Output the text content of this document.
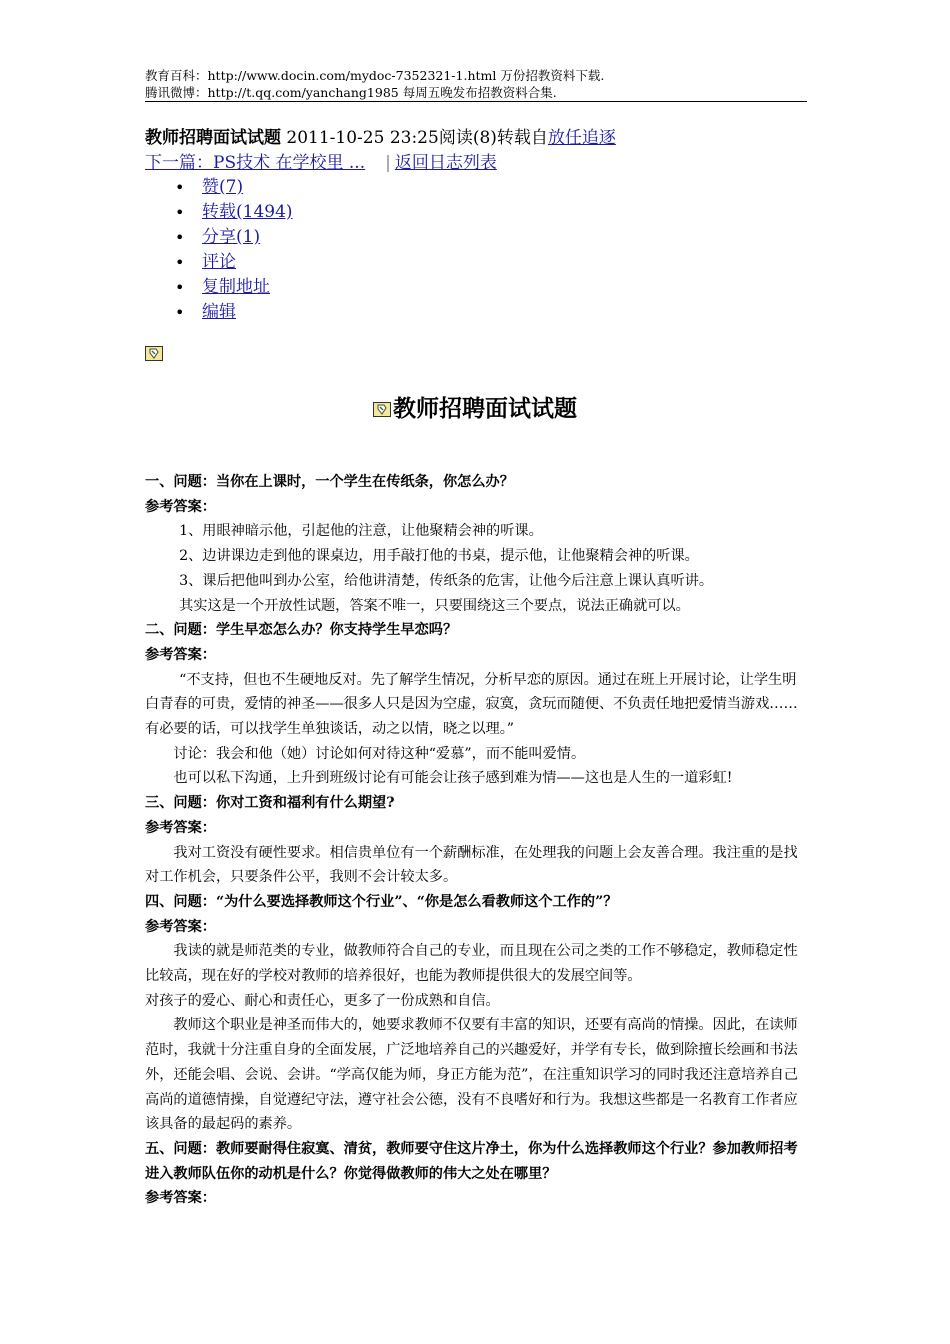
教育百科：http://www.docin.com/mydoc-7352321-1.html 万份招教资料下载.
腾讯微博：http://t.qq.com/yanchang1985 每周五晚发布招教资料合集.
教师招聘面试试题 2011-10-25 23:25阅读(8)转载自放任追逐
下一篇：PS技术 在学校里 ... | 返回日志列表
• 赞(7)
• 转载(1494)
• 分享(1)
• 评论
• 复制地址
• 编辑
教师招聘面试试题

一、问题：当你在上课时，一个学生在传纸条，你怎么办？

参考答案：

1、用眼神暗示他，引起他的注意，让他聚精会神的听课。

2、边讲课边走到他的课桌边，用手敲打他的书桌，提示他，让他聚精会神的听课。

3、课后把他叫到办公室，给他讲清楚，传纸条的危害，让他今后注意上课认真听讲。

其实这是一个开放性试题，答案不唯一，只要围绕这三个要点，说法正确就可以。

二、问题：学生早恋怎么办？你支持学生早恋吗？

参考答案：

“不支持，但也不生硬地反对。先了解学生情况，分析早恋的原因。通过在班上开展讨论，让学生明白青春的可贵，爱情的神圣——很多人只是因为空虚，寂寞，贪玩而随便、不负责任地把爱情当游戏……有必要的话，可以找学生单独谈话，动之以情，晓之以理。”

讨论：我会和他（她）讨论如何对待这种“爱慕”，而不能叫爱情。

也可以私下沟通，上升到班级讨论有可能会让孩子感到难为情——这也是人生的一道彩虹!

三、问题：你对工资和福利有什么期望?

参考答案：

我对工资没有硬性要求。相信贵单位有一个薪酬标准，在处理我的问题上会友善合理。我注重的是找对工作机会，只要条件公平，我则不会计较太多。

四、问题：“为什么要选择教师这个行业”、“你是怎么看教师这个工作的”？

参考答案：

我读的就是师范类的专业，做教师符合自己的专业，而且现在公司之类的工作不够稳定，教师稳定性比较高，现在好的学校对教师的培养很好，也能为教师提供很大的发展空间等。

对孩子的爱心、耐心和责任心，更多了一份成熟和自信。

教师这个职业是神圣而伟大的，她要求教师不仅要有丰富的知识，还要有高尚的情操。因此，在读师范时，我就十分注重自身的全面发展，广泛地培养自己的兴趣爱好，并学有专长，做到除擅长绘画和书法外，还能会唱、会说、会讲。“学高仅能为师，身正方能为范”，在注重知识学习的同时我还注意培养自己高尚的道德情操，自觉遵纪守法，遵守社会公德，没有不良嗜好和行为。我想这些都是一名教育工作者应该具备的最起码的素养。

五、问题：教师要耐得住寂寞、清贫，教师要守住这片净土，你为什么选择教师这个行业？参加教师招考进入教师队伍你的动机是什么？你觉得做教师的伟大之处在哪里？

参考答案：
